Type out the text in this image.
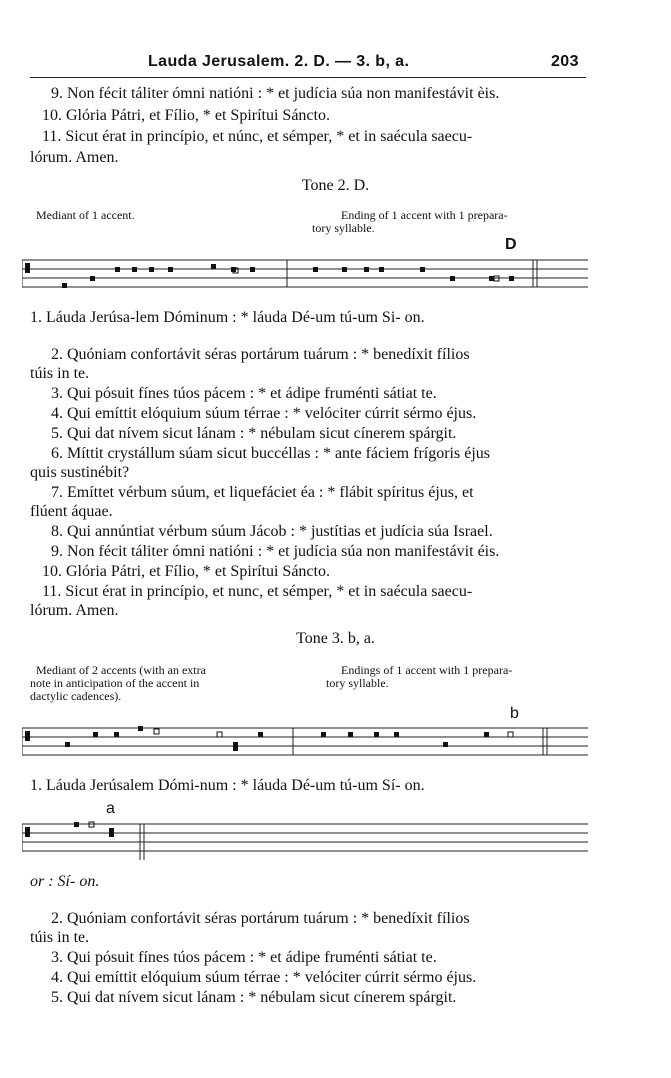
Lauda Jerusalem. 2. D. — 3. b, a.	203
9. Non fécit táliter ómni natióni : * et judícia súa non manifestávit ѐis.
10. Glória Pátri, et Fílio, * et Spirítui Sáncto.
11. Sicut érat in princípio, et núnc, et sémper, * et in saécula saecu-
lórum. Amen.
Tone 2. D.
Mediant of 1 accent.	Ending of 1 accent with 1 prepara-
tory syllable.
D
1. Láuda Jerúsa-lem Dóminum : * láuda Dé-um tú-um Si- on.
2. Quóniam confortávit séras portárum tuárum : * benedíxit fílios
túis in te.
3. Qui pósuit fínes túos pácem : * et ádipe fruménti sátiat te.
4. Qui emíttit elóquium súum térrae : * velóciter cúrrit sérmo éjus.
5. Qui dat nívem sicut lánam : * nébulam sicut cínerem spárgit.
6. Míttit crystállum súam sicut buccéllas : * ante fáciem frígoris éjus
quis sustinébit?
7. Emíttet vérbum súum, et liquefáciet éa : * flábit spíritus éjus, et
flúent áquae.
8. Qui annúntiat vérbum súum Jácob : * justítias et judícia súa Israel.
9. Non fécit táliter ómni natióni : * et judícia súa non manifestávit éis.
10. Glória Pátri, et Fílio, * et Spirítui Sáncto.
11. Sicut érat in princípio, et nunc, et sémper, * et in saécula saecu-
lórum. Amen.
Tone 3. b, a.
Mediant of 2 accents (with an extra
note in anticipation of the accent in
dactylic cadences).
Endings of 1 accent with 1 prepara-
tory syllable.
b
1. Láuda Jerúsalem Dómi-num : * láuda Dé-um tú-um Sí- on.
a
or : Sí- on.
2. Quóniam confortávit séras portárum tuárum : * benedíxit fílios
túis in te.
3. Qui pósuit fínes túos pácem : * et ádipe fruménti sátiat te.
4. Qui emíttit elóquium súum térrae : * velóciter cúrrit sérmo éjus.
5. Qui dat nívem sicut lánam : * nébulam sicut cínerem spárgit.
